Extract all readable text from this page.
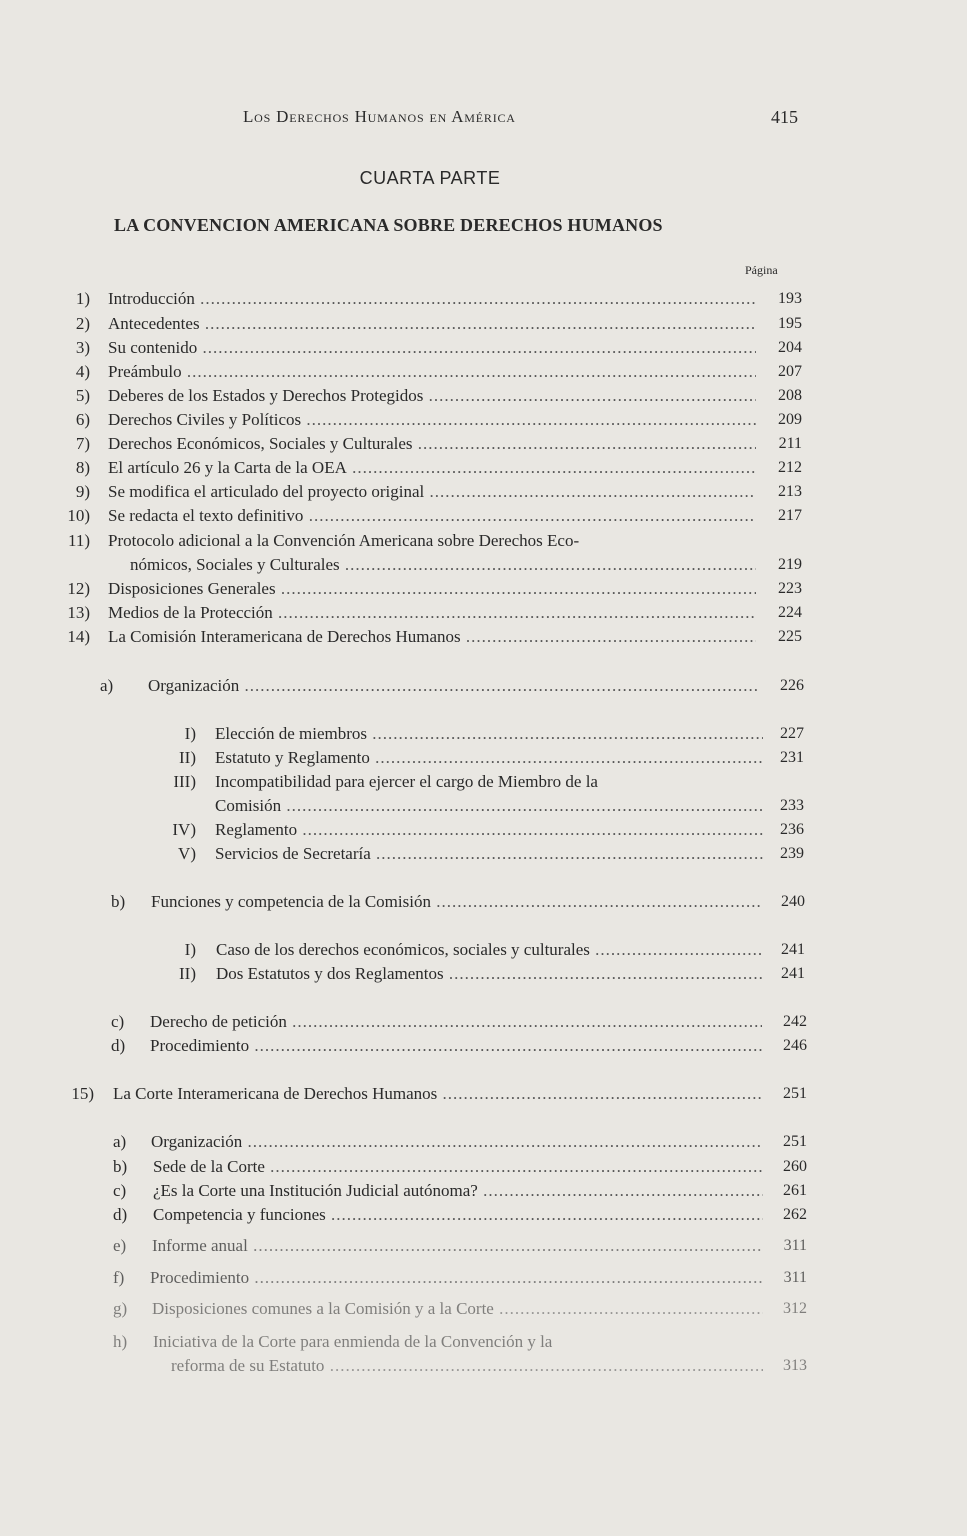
Los Derechos Humanos en América	415
CUARTA PARTE
LA CONVENCION AMERICANA SOBRE DERECHOS HUMANOS
Página
1) Introducción .....	193
2) Antecedentes .....	195
3) Su contenido .....	204
4) Preámbulo .....	207
5) Deberes de los Estados y Derechos Protegidos .....	208
6) Derechos Civiles y Políticos .....	209
7) Derechos Económicos, Sociales y Culturales .....	211
8) El artículo 26 y la Carta de la OEA .....	212
9) Se modifica el articulado del proyecto original .....	213
10) Se redacta el texto definitivo .....	217
11) Protocolo adicional a la Convención Americana sobre Derechos Eco-
nómicos, Sociales y Culturales .....	219
12) Disposiciones Generales .....	223
13) Medios de la Protección .....	224
14) La Comisión Interamericana de Derechos Humanos .....	225
a)	Organización .....	226
I) Elección de miembros .....	227
II) Estatuto y Reglamento .....	231
III) Incompatibilidad para ejercer el cargo de Miembro de la
Comisión .....	233
IV) Reglamento .....	236
V) Servicios de Secretaría .....	239
b)	Funciones y competencia de la Comisión .....	240
I) Caso de los derechos económicos, sociales y culturales .....	241
II) Dos Estatutos y dos Reglamentos .....	241
c)	Derecho de petición .....	242
d)	Procedimiento .....	246
15) La Corte Interamericana de Derechos Humanos .....	251
a)	Organización .....	251
b)	Sede de la Corte .....	260
c)	¿Es la Corte una Institución Judicial autónoma? .....	261
d)	Competencia y funciones .....	262
e)	Informe anual .....	311
f)	Procedimiento .....	311
g)	Disposiciones comunes a la Comisión y a la Corte .....	312
h)	Iniciativa de la Corte para enmienda de la Convención y la
reforma de su Estatuto .....	313
